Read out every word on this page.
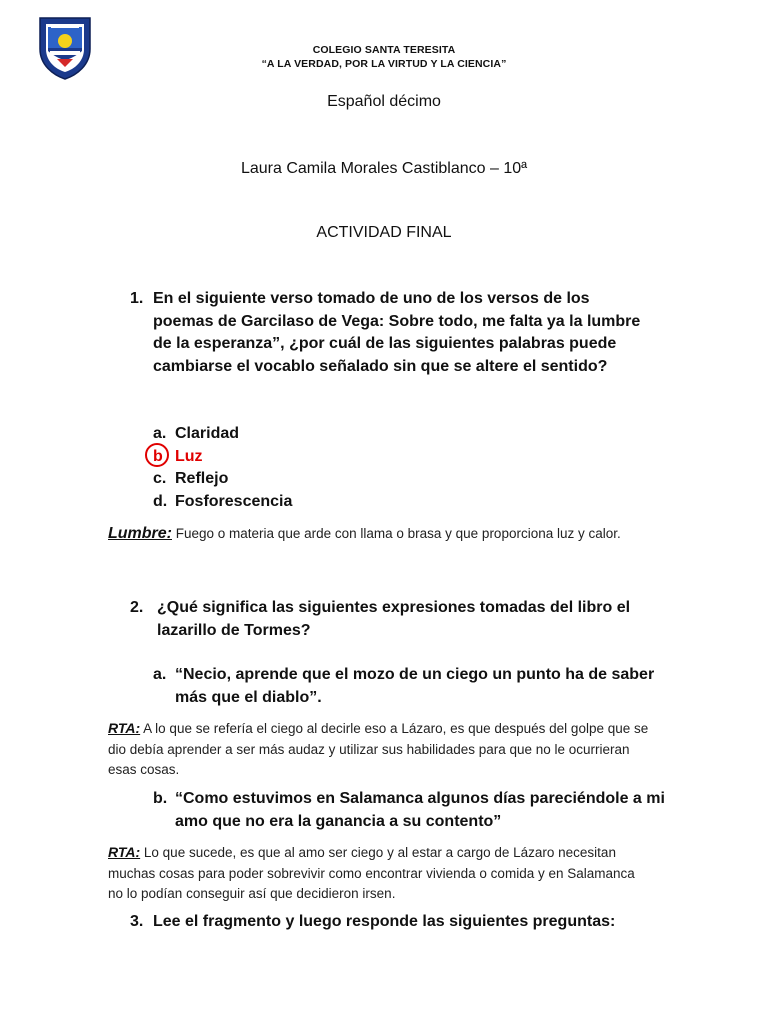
COLEGIO SANTA TERESITA
“A LA VERDAD, POR LA VIRTUD Y LA CIENCIA”
Español décimo
Laura Camila Morales Castiblanco – 10ª
ACTIVIDAD FINAL
1. En el siguiente verso tomado de uno de los versos de los poemas de Garcilaso de Vega: Sobre todo, me falta ya la lumbre de la esperanza”, ¿por cuál de las siguientes palabras puede cambiarse el vocablo señalado sin que se altere el sentido?
a. Claridad
b Luz
c. Reflejo
d. Fosforescencia
Lumbre: Fuego o materia que arde con llama o brasa y que proporciona luz y calor.
2. ¿Qué significa las siguientes expresiones tomadas del libro el lazarillo de Tormes?
a. “Necio, aprende que el mozo de un ciego un punto ha de saber más que el diablo”.
RTA: A lo que se refería el ciego al decirle eso a Lázaro, es que después del golpe que se dio debía aprender a ser más audaz y utilizar sus habilidades para que no le ocurrieran esas cosas.
b. “Como estuvimos en Salamanca algunos días pareciéndole a mi amo que no era la ganancia a su contento”
RTA: Lo que sucede, es que al amo ser ciego y al estar a cargo de Lázaro necesitan muchas cosas para poder sobrevivir como encontrar vivienda o comida y en Salamanca no lo podían conseguir así que decidieron irsen.
3. Lee el fragmento y luego responde las siguientes preguntas:
